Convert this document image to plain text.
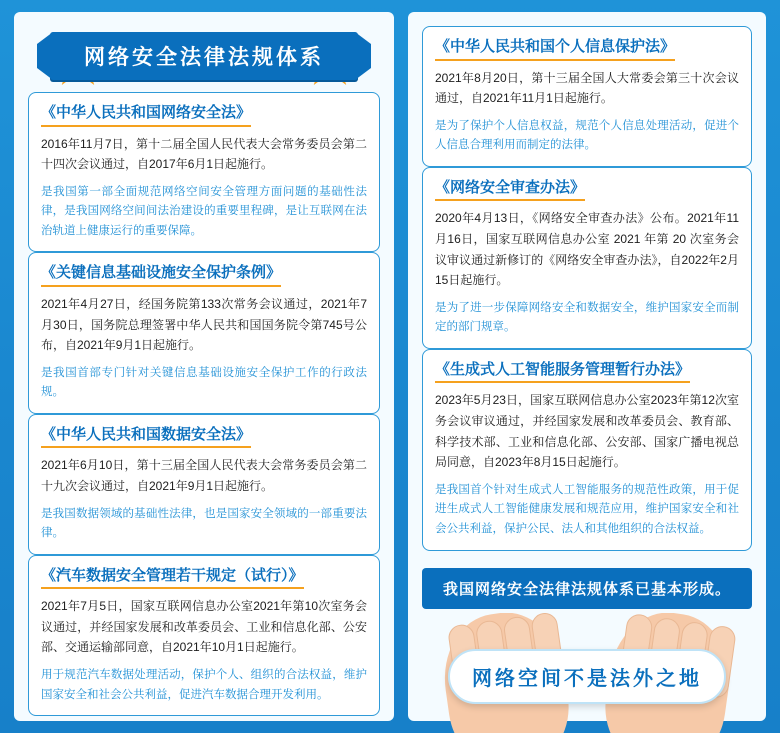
网络安全法律法规体系
《中华人民共和国网络安全法》
2016年11月7日，第十二届全国人民代表大会常务委员会第二十四次会议通过，自2017年6月1日起施行。
是我国第一部全面规范网络空间安全管理方面问题的基础性法律，是我国网络空间间法治建设的重要里程碑，是让互联网在法治轨道上健康运行的重要保障。
《关键信息基础设施安全保护条例》
2021年4月27日，经国务院第133次常务会议通过，2021年7月30日，国务院总理签署中华人民共和国国务院令第745号公布，自2021年9月1日起施行。
是我国首部专门针对关键信息基础设施安全保护工作的行政法规。
《中华人民共和国数据安全法》
2021年6月10日，第十三届全国人民代表大会常务委员会第二十九次会议通过，自2021年9月1日起施行。
是我国数据领域的基础性法律，也是国家安全领域的一部重要法律。
《汽车数据安全管理若干规定（试行）》
2021年7月5日，国家互联网信息办公室2021年第10次室务会议通过，并经国家发展和改革委员会、工业和信息化部、公安部、交通运输部同意，自2021年10月1日起施行。
用于规范汽车数据处理活动，保护个人、组织的合法权益，维护国家安全和社会公共利益，促进汽车数据合理开发利用。
《中华人民共和国个人信息保护法》
2021年8月20日，第十三届全国人大常委会第三十次会议通过，自2021年11月1日起施行。
是为了保护个人信息权益，规范个人信息处理活动，促进个人信息合理利用而制定的法律。
《网络安全审查办法》
2020年4月13日，《网络安全审查办法》公布。2021年11月16日，国家互联网信息办公室 2021 年第 20 次室务会议审议通过新修订的《网络安全审查办法》，自2022年2月15日起施行。
是为了进一步保障网络安全和数据安全，维护国家安全而制定的部门规章。
《生成式人工智能服务管理暂行办法》
2023年5月23日，国家互联网信息办公室2023年第12次室务会议审议通过，并经国家发展和改革委员会、教育部、科学技术部、工业和信息化部、公安部、国家广播电视总局同意，自2023年8月15日起施行。
是我国首个针对生成式人工智能服务的规范性政策，用于促进生成式人工智能健康发展和规范应用，维护国家安全和社会公共利益，保护公民、法人和其他组织的合法权益。
我国网络安全法律法规体系已基本形成。
网络空间不是法外之地
